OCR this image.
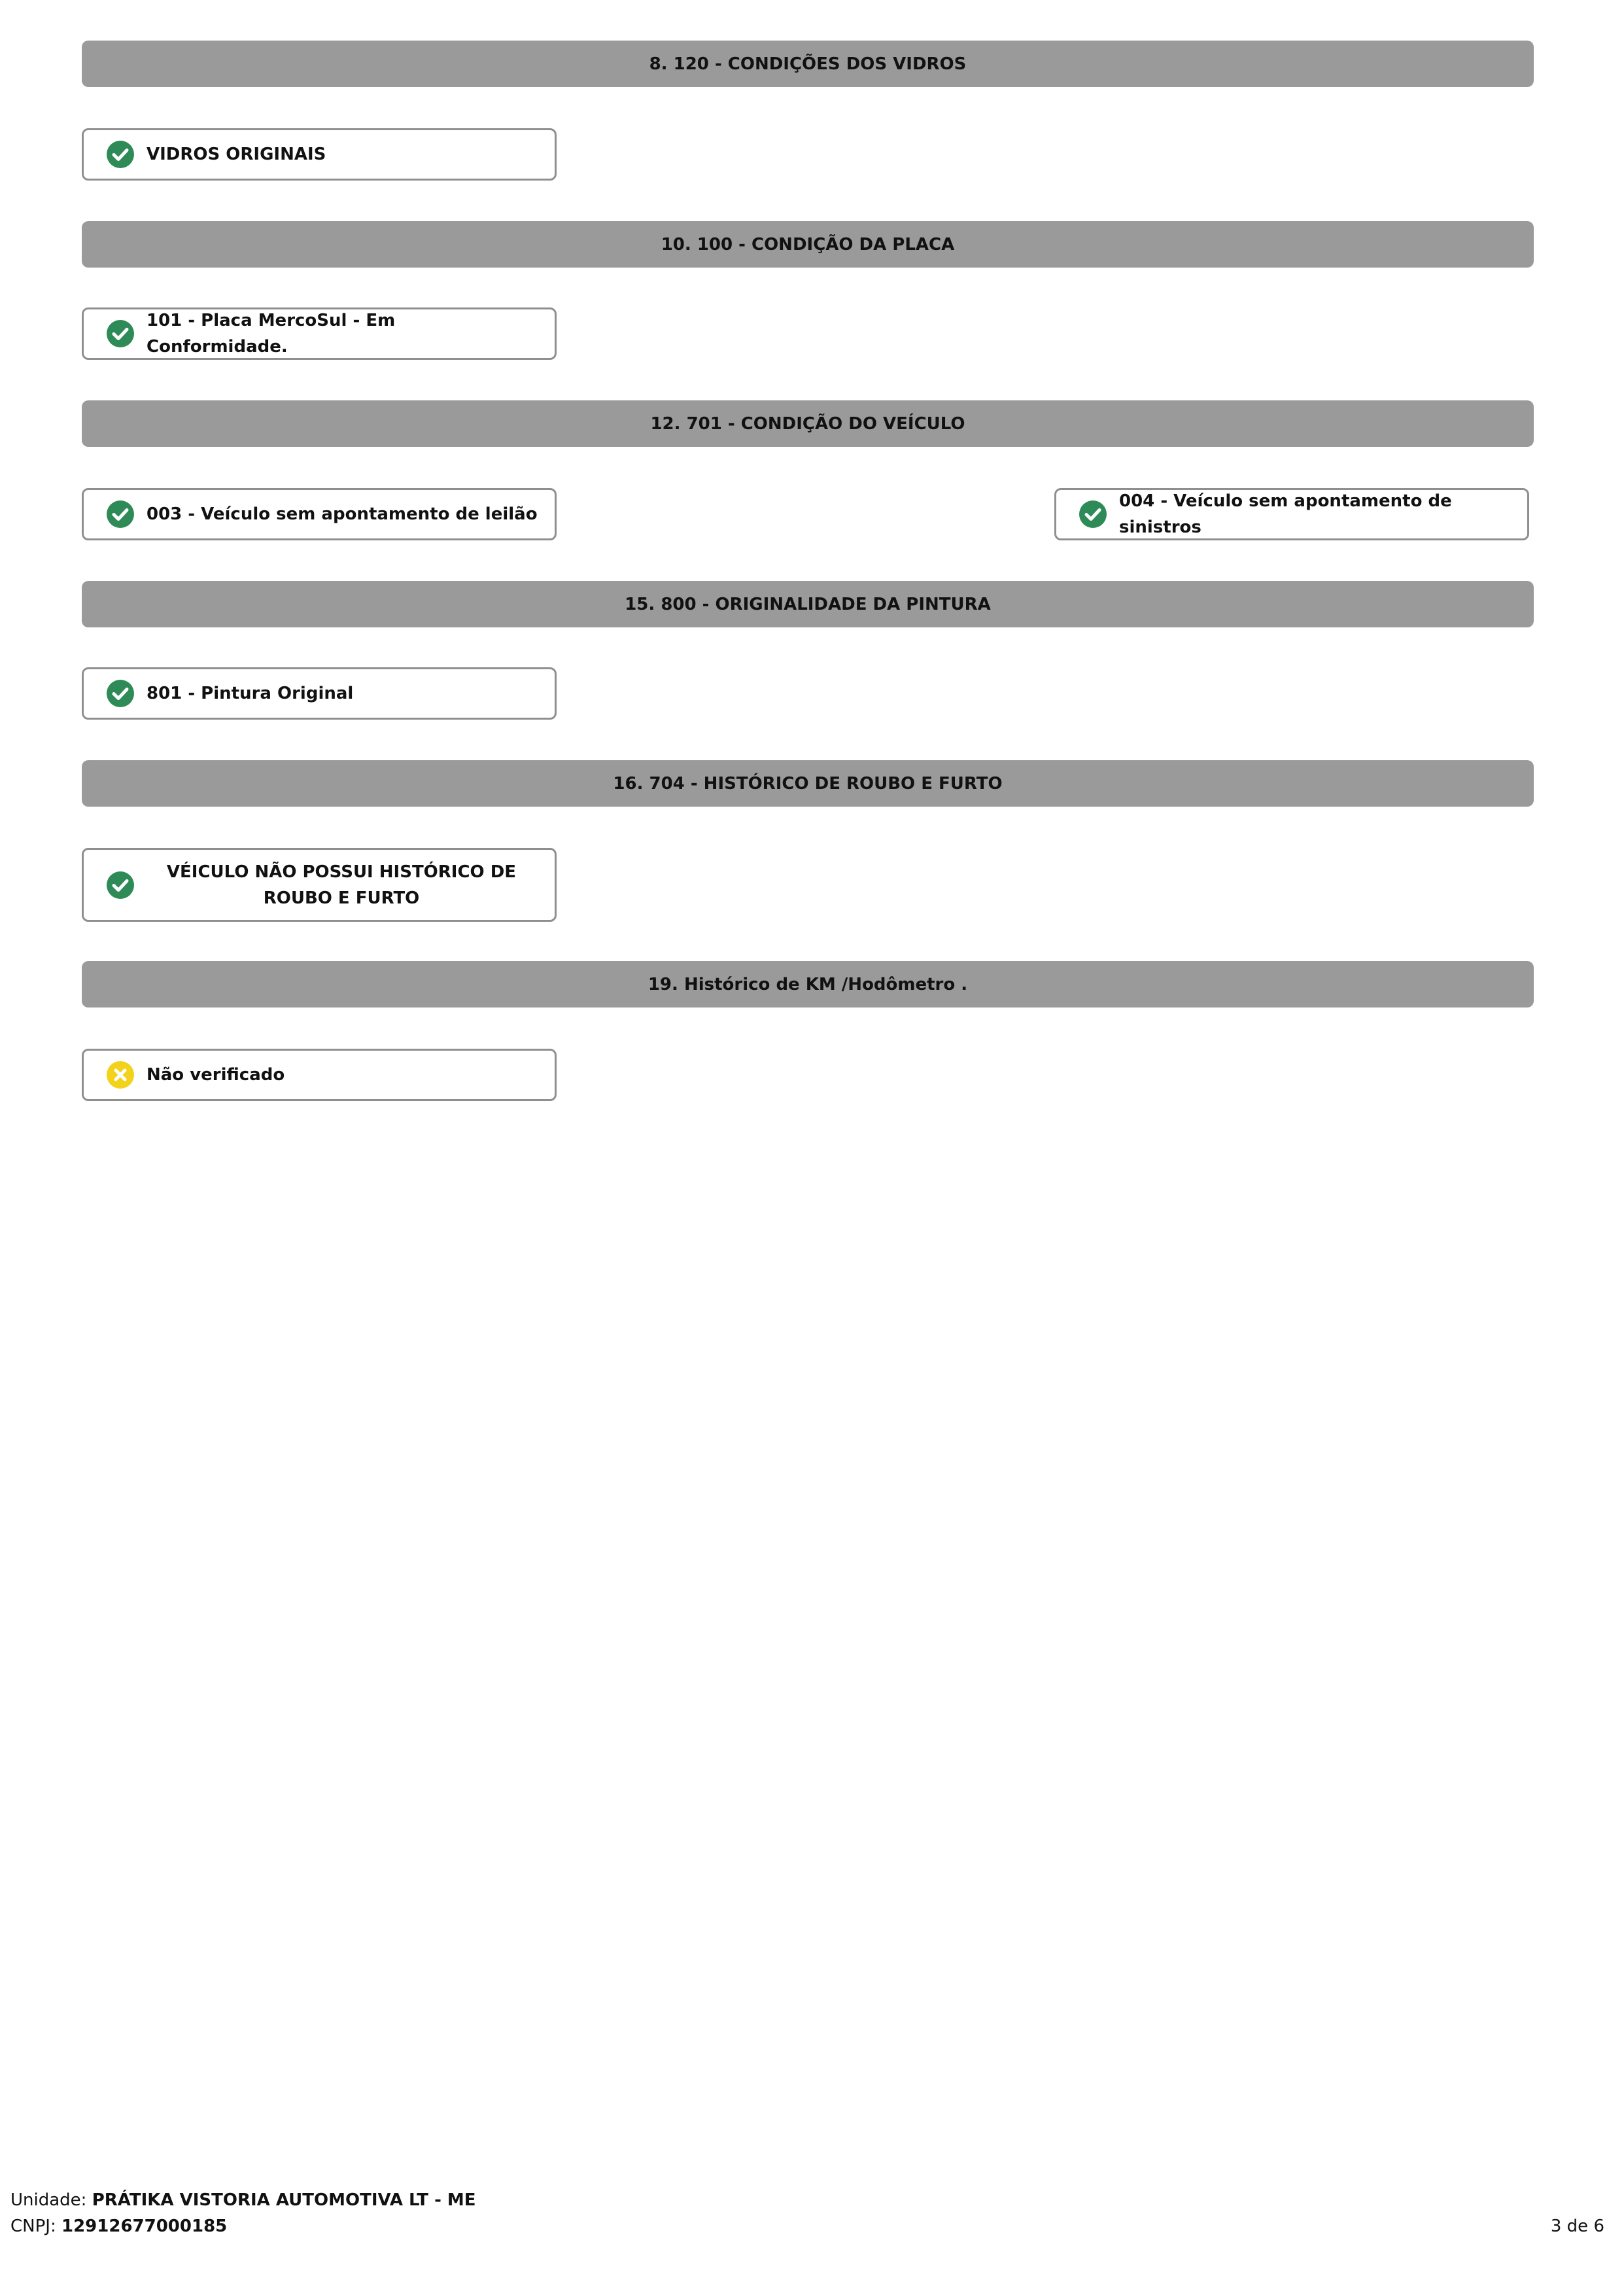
8. 120 - CONDIÇÕES DOS VIDROS
VIDROS ORIGINAIS
10. 100 - CONDIÇÃO DA PLACA
101 - Placa MercoSul - Em Conformidade.
12. 701 - CONDIÇÃO DO VEÍCULO
003 - Veículo sem apontamento de leilão
004 - Veículo sem apontamento de sinistros
15. 800 - ORIGINALIDADE DA PINTURA
801 - Pintura Original
16. 704 - HISTÓRICO DE ROUBO E FURTO
VÉICULO NÃO POSSUI HISTÓRICO DE ROUBO E FURTO
19. Histórico de KM /Hodômetro .
Não verificado
Unidade: PRÁTIKA VISTORIA AUTOMOTIVA LT - ME
CNPJ: 12912677000185	3 de 6
